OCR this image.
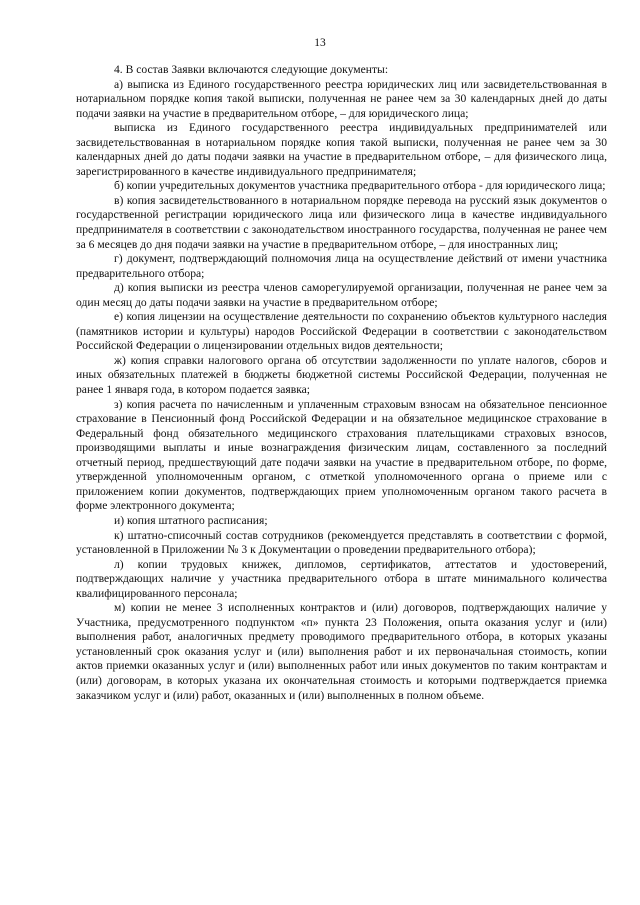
13

4. В состав Заявки включаются следующие документы:

а) выписка из Единого государственного реестра юридических лиц или засвидетельствованная в нотариальном порядке копия такой выписки, полученная не ранее чем за 30 календарных дней до даты подачи заявки на участие в предварительном отборе, – для юридического лица;

выписка из Единого государственного реестра индивидуальных предпринимателей или засвидетельствованная в нотариальном порядке копия такой выписки, полученная не ранее чем за 30 календарных дней до даты подачи заявки на участие в предварительном отборе, – для физического лица, зарегистрированного в качестве индивидуального предпринимателя;

б) копии учредительных документов участника предварительного отбора - для юридического лица;

в) копия засвидетельствованного в нотариальном порядке перевода на русский язык документов о государственной регистрации юридического лица или физического лица в качестве индивидуального предпринимателя в соответствии с законодательством иностранного государства, полученная не ранее чем за 6 месяцев до дня подачи заявки на участие в предварительном отборе, – для иностранных лиц;

г) документ, подтверждающий полномочия лица на осуществление действий от имени участника предварительного отбора;

д) копия выписки из реестра членов саморегулируемой организации, полученная не ранее чем за один месяц до даты подачи заявки на участие в предварительном отборе;

е) копия лицензии на осуществление деятельности по сохранению объектов культурного наследия (памятников истории и культуры) народов Российской Федерации в соответствии с законодательством Российской Федерации о лицензировании отдельных видов деятельности;

ж) копия справки налогового органа об отсутствии задолженности по уплате налогов, сборов и иных обязательных платежей в бюджеты бюджетной системы Российской Федерации, полученная не ранее 1 января года, в котором подается заявка;

з) копия расчета по начисленным и уплаченным страховым взносам на обязательное пенсионное страхование в Пенсионный фонд Российской Федерации и на обязательное медицинское страхование в Федеральный фонд обязательного медицинского страхования плательщиками страховых взносов, производящими выплаты и иные вознаграждения физическим лицам, составленного за последний отчетный период, предшествующий дате подачи заявки на участие в предварительном отборе, по форме, утвержденной уполномоченным органом, с отметкой уполномоченного органа о приеме или с приложением копии документов, подтверждающих прием уполномоченным органом такого расчета в форме электронного документа;

и) копия штатного расписания;

к) штатно-списочный состав сотрудников (рекомендуется представлять в соответствии с формой, установленной в Приложении № 3 к Документации о проведении предварительного отбора);

л) копии трудовых книжек, дипломов, сертификатов, аттестатов и удостоверений, подтверждающих наличие у участника предварительного отбора в штате минимального количества квалифицированного персонала;

м) копии не менее 3 исполненных контрактов и (или) договоров, подтверждающих наличие у Участника, предусмотренного подпунктом «п» пункта 23 Положения, опыта оказания услуг и (или) выполнения работ, аналогичных предмету проводимого предварительного отбора, в которых указаны установленный срок оказания услуг и (или) выполнения работ и их первоначальная стоимость, копии актов приемки оказанных услуг и (или) выполненных работ или иных документов по таким контрактам и (или) договорам, в которых указана их окончательная стоимость и которыми подтверждается приемка заказчиком услуг и (или) работ, оказанных и (или) выполненных в полном объеме.
